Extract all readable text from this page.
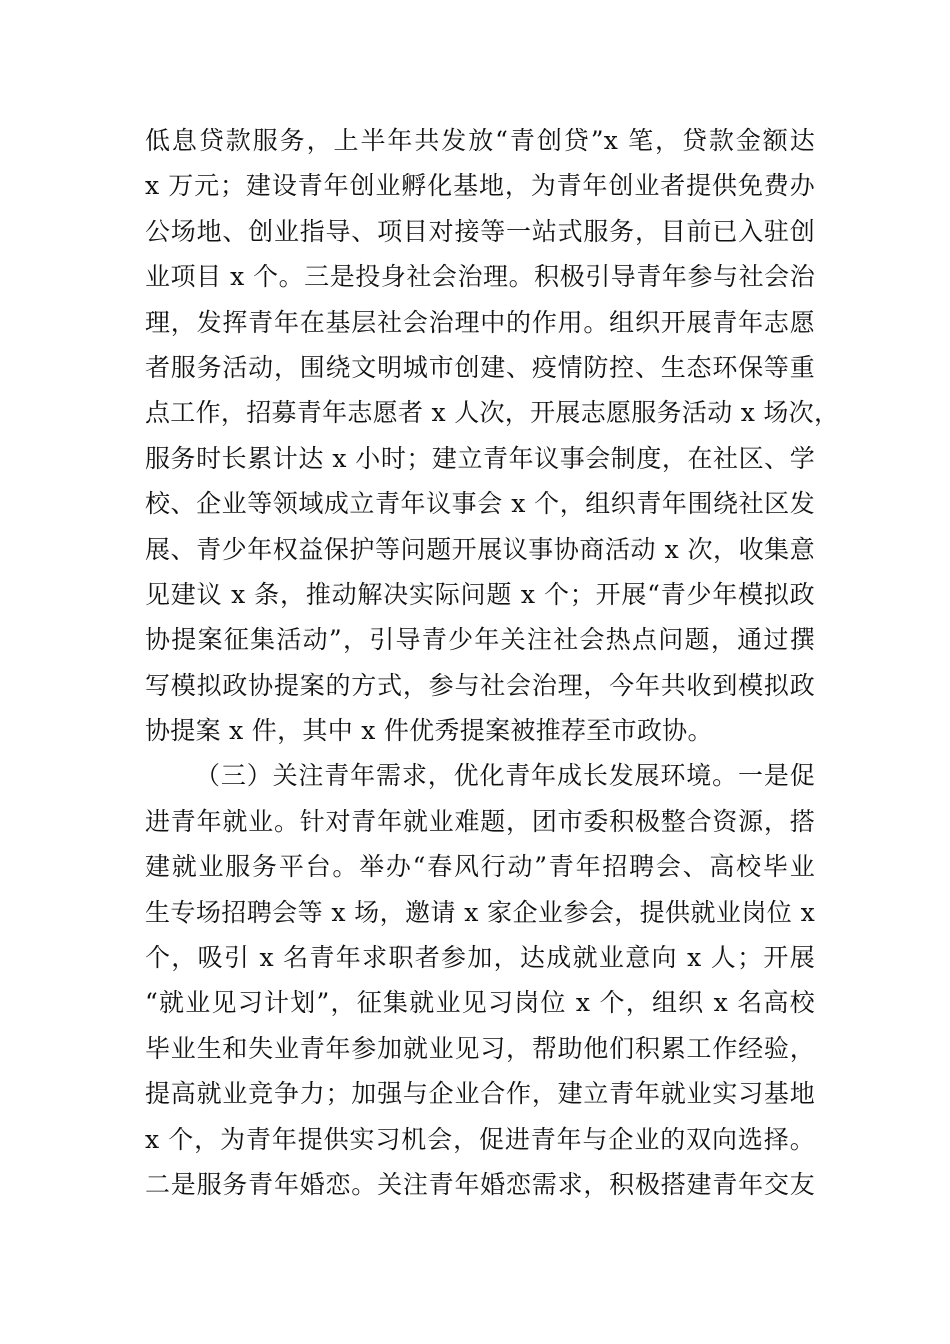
低息贷款服务，上半年共发放“青创贷”x 笔，贷款金额达
x 万元；建设青年创业孵化基地，为青年创业者提供免费办
公场地、创业指导、项目对接等一站式服务，目前已入驻创
业项目 x 个。三是投身社会治理。积极引导青年参与社会治
理，发挥青年在基层社会治理中的作用。组织开展青年志愿
者服务活动，围绕文明城市创建、疫情防控、生态环保等重
点工作，招募青年志愿者 x 人次，开展志愿服务活动 x 场次，
服务时长累计达 x 小时；建立青年议事会制度，在社区、学
校、企业等领域成立青年议事会 x 个，组织青年围绕社区发
展、青少年权益保护等问题开展议事协商活动 x 次，收集意
见建议 x 条，推动解决实际问题 x 个；开展“青少年模拟政
协提案征集活动”，引导青少年关注社会热点问题，通过撰
写模拟政协提案的方式，参与社会治理，今年共收到模拟政
协提案 x 件，其中 x 件优秀提案被推荐至市政协。
（三）关注青年需求，优化青年成长发展环境。一是促
进青年就业。针对青年就业难题，团市委积极整合资源，搭
建就业服务平台。举办“春风行动”青年招聘会、高校毕业
生专场招聘会等 x 场，邀请 x 家企业参会，提供就业岗位 x
个，吸引 x 名青年求职者参加，达成就业意向 x 人；开展
“就业见习计划”，征集就业见习岗位 x 个，组织 x 名高校
毕业生和失业青年参加就业见习，帮助他们积累工作经验，
提高就业竞争力；加强与企业合作，建立青年就业实习基地
x 个，为青年提供实习机会，促进青年与企业的双向选择。
二是服务青年婚恋。关注青年婚恋需求，积极搭建青年交友
